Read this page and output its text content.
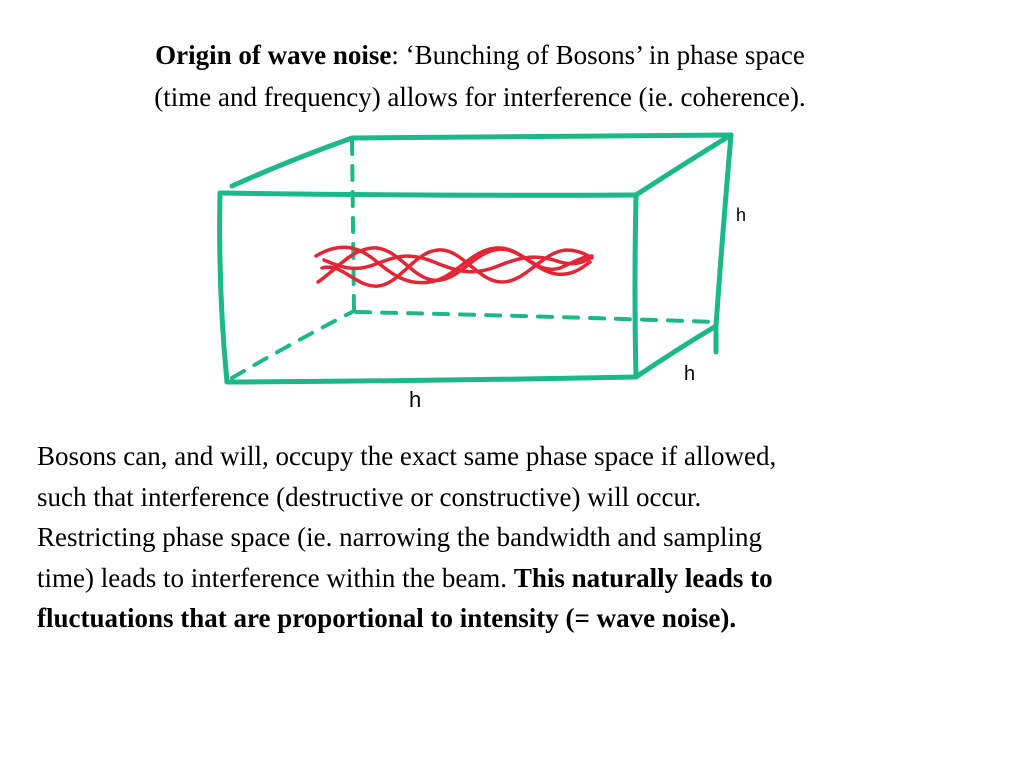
Origin of wave noise: ‘Bunching of Bosons’ in phase space
(time and frequency) allows for interference (ie. coherence).
h
h
h
Bosons can, and will, occupy the exact same phase space if allowed,
such that interference (destructive or constructive) will occur.
Restricting phase space (ie. narrowing the bandwidth and sampling
time) leads to interference within the beam. This naturally leads to
fluctuations that are proportional to intensity (= wave noise).
